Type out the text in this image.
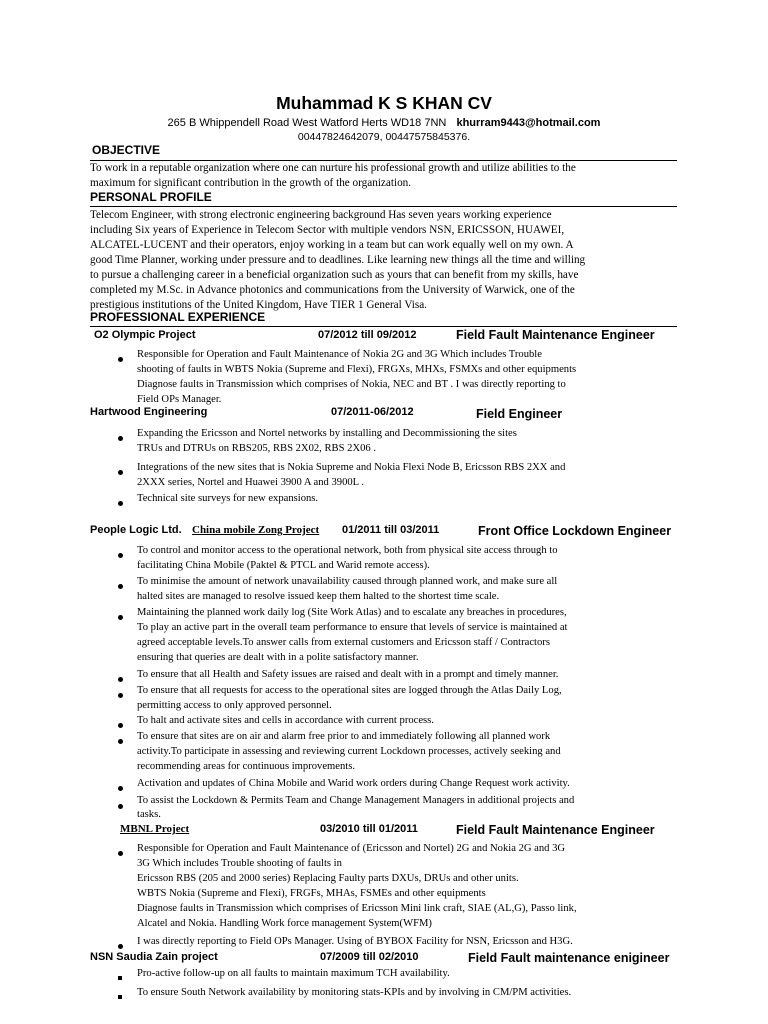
Muhammad K S KHAN CV
265 B Whippendell Road West Watford Herts WD18 7NN khurram9443@hotmail.com
00447824642079, 00447575845376.
OBJECTIVE
To work in a reputable organization where one can nurture his professional growth and utilize abilities to the
maximum for significant contribution in the growth of the organization.
PERSONAL PROFILE
Telecom Engineer, with strong electronic engineering background Has seven years working experience
including Six years of Experience in Telecom Sector with multiple vendors NSN, ERICSSON, HUAWEI,
ALCATEL-LUCENT and their operators, enjoy working in a team but can work equally well on my own. A
good Time Planner, working under pressure and to deadlines. Like learning new things all the time and willing
to pursue a challenging career in a beneficial organization such as yours that can benefit from my skills, have
completed my M.Sc. in Advance photonics and communications from the University of Warwick, one of the
prestigious institutions of the United Kingdom, Have TIER 1 General Visa.
PROFESSIONAL EXPERIENCE
O2 Olympic Project	07/2012 till 09/2012	Field Fault Maintenance Engineer
Responsible for Operation and Fault Maintenance of Nokia 2G and 3G Which includes Trouble
shooting of faults in WBTS Nokia (Supreme and Flexi), FRGXs, MHXs, FSMXs and other equipments
Diagnose faults in Transmission which comprises of Nokia, NEC and BT . I was directly reporting to
Field OPs Manager.
Hartwood Engineering	07/2011-06/2012	Field Engineer
Expanding the Ericsson and Nortel networks by installing and Decommissioning the sites
TRUs and DTRUs on RBS205, RBS 2X02, RBS 2X06 .
Integrations of the new sites that is Nokia Supreme and Nokia Flexi Node B, Ericsson RBS 2XX and
2XXX series, Nortel and Huawei 3900 A and 3900L .
Technical site surveys for new expansions.
People Logic Ltd. China mobile Zong Project 01/2011 till 03/2011	Front Office Lockdown Engineer
To control and monitor access to the operational network, both from physical site access through to
facilitating China Mobile (Paktel & PTCL and Warid remote access).
To minimise the amount of network unavailability caused through planned work, and make sure all
halted sites are managed to resolve issued keep them halted to the shortest time scale.
Maintaining the planned work daily log (Site Work Atlas) and to escalate any breaches in procedures,
To play an active part in the overall team performance to ensure that levels of service is maintained at
agreed acceptable levels.To answer calls from external customers and Ericsson staff / Contractors
ensuring that queries are dealt with in a polite satisfactory manner.
To ensure that all Health and Safety issues are raised and dealt with in a prompt and timely manner.
To ensure that all requests for access to the operational sites are logged through the Atlas Daily Log,
permitting access to only approved personnel.
To halt and activate sites and cells in accordance with current process.
To ensure that sites are on air and alarm free prior to and immediately following all planned work
activity.To participate in assessing and reviewing current Lockdown processes, actively seeking and
recommending areas for continuous improvements.
Activation and updates of China Mobile and Warid work orders during Change Request work activity.
To assist the Lockdown & Permits Team and Change Management Managers in additional projects and
tasks.
MBNL Project	03/2010 till 01/2011	Field Fault Maintenance Engineer
Responsible for Operation and Fault Maintenance of (Ericsson and Nortel) 2G and Nokia 2G and 3G
3G Which includes Trouble shooting of faults in
Ericsson RBS (205 and 2000 series) Replacing Faulty parts DXUs, DRUs and other units.
WBTS Nokia (Supreme and Flexi), FRGFs, MHAs, FSMEs and other equipments
Diagnose faults in Transmission which comprises of Ericsson Mini link craft, SIAE (AL,G), Passo link,
Alcatel and Nokia. Handling Work force management System(WFM)
I was directly reporting to Field OPs Manager. Using of BYBOX Facility for NSN, Ericsson and H3G.
NSN Saudia Zain project	07/2009 till 02/2010	Field Fault maintenance enigineer
Pro-active follow-up on all faults to maintain maximum TCH availability.
To ensure South Network availability by monitoring stats-KPIs and by involving in CM/PM activities.
